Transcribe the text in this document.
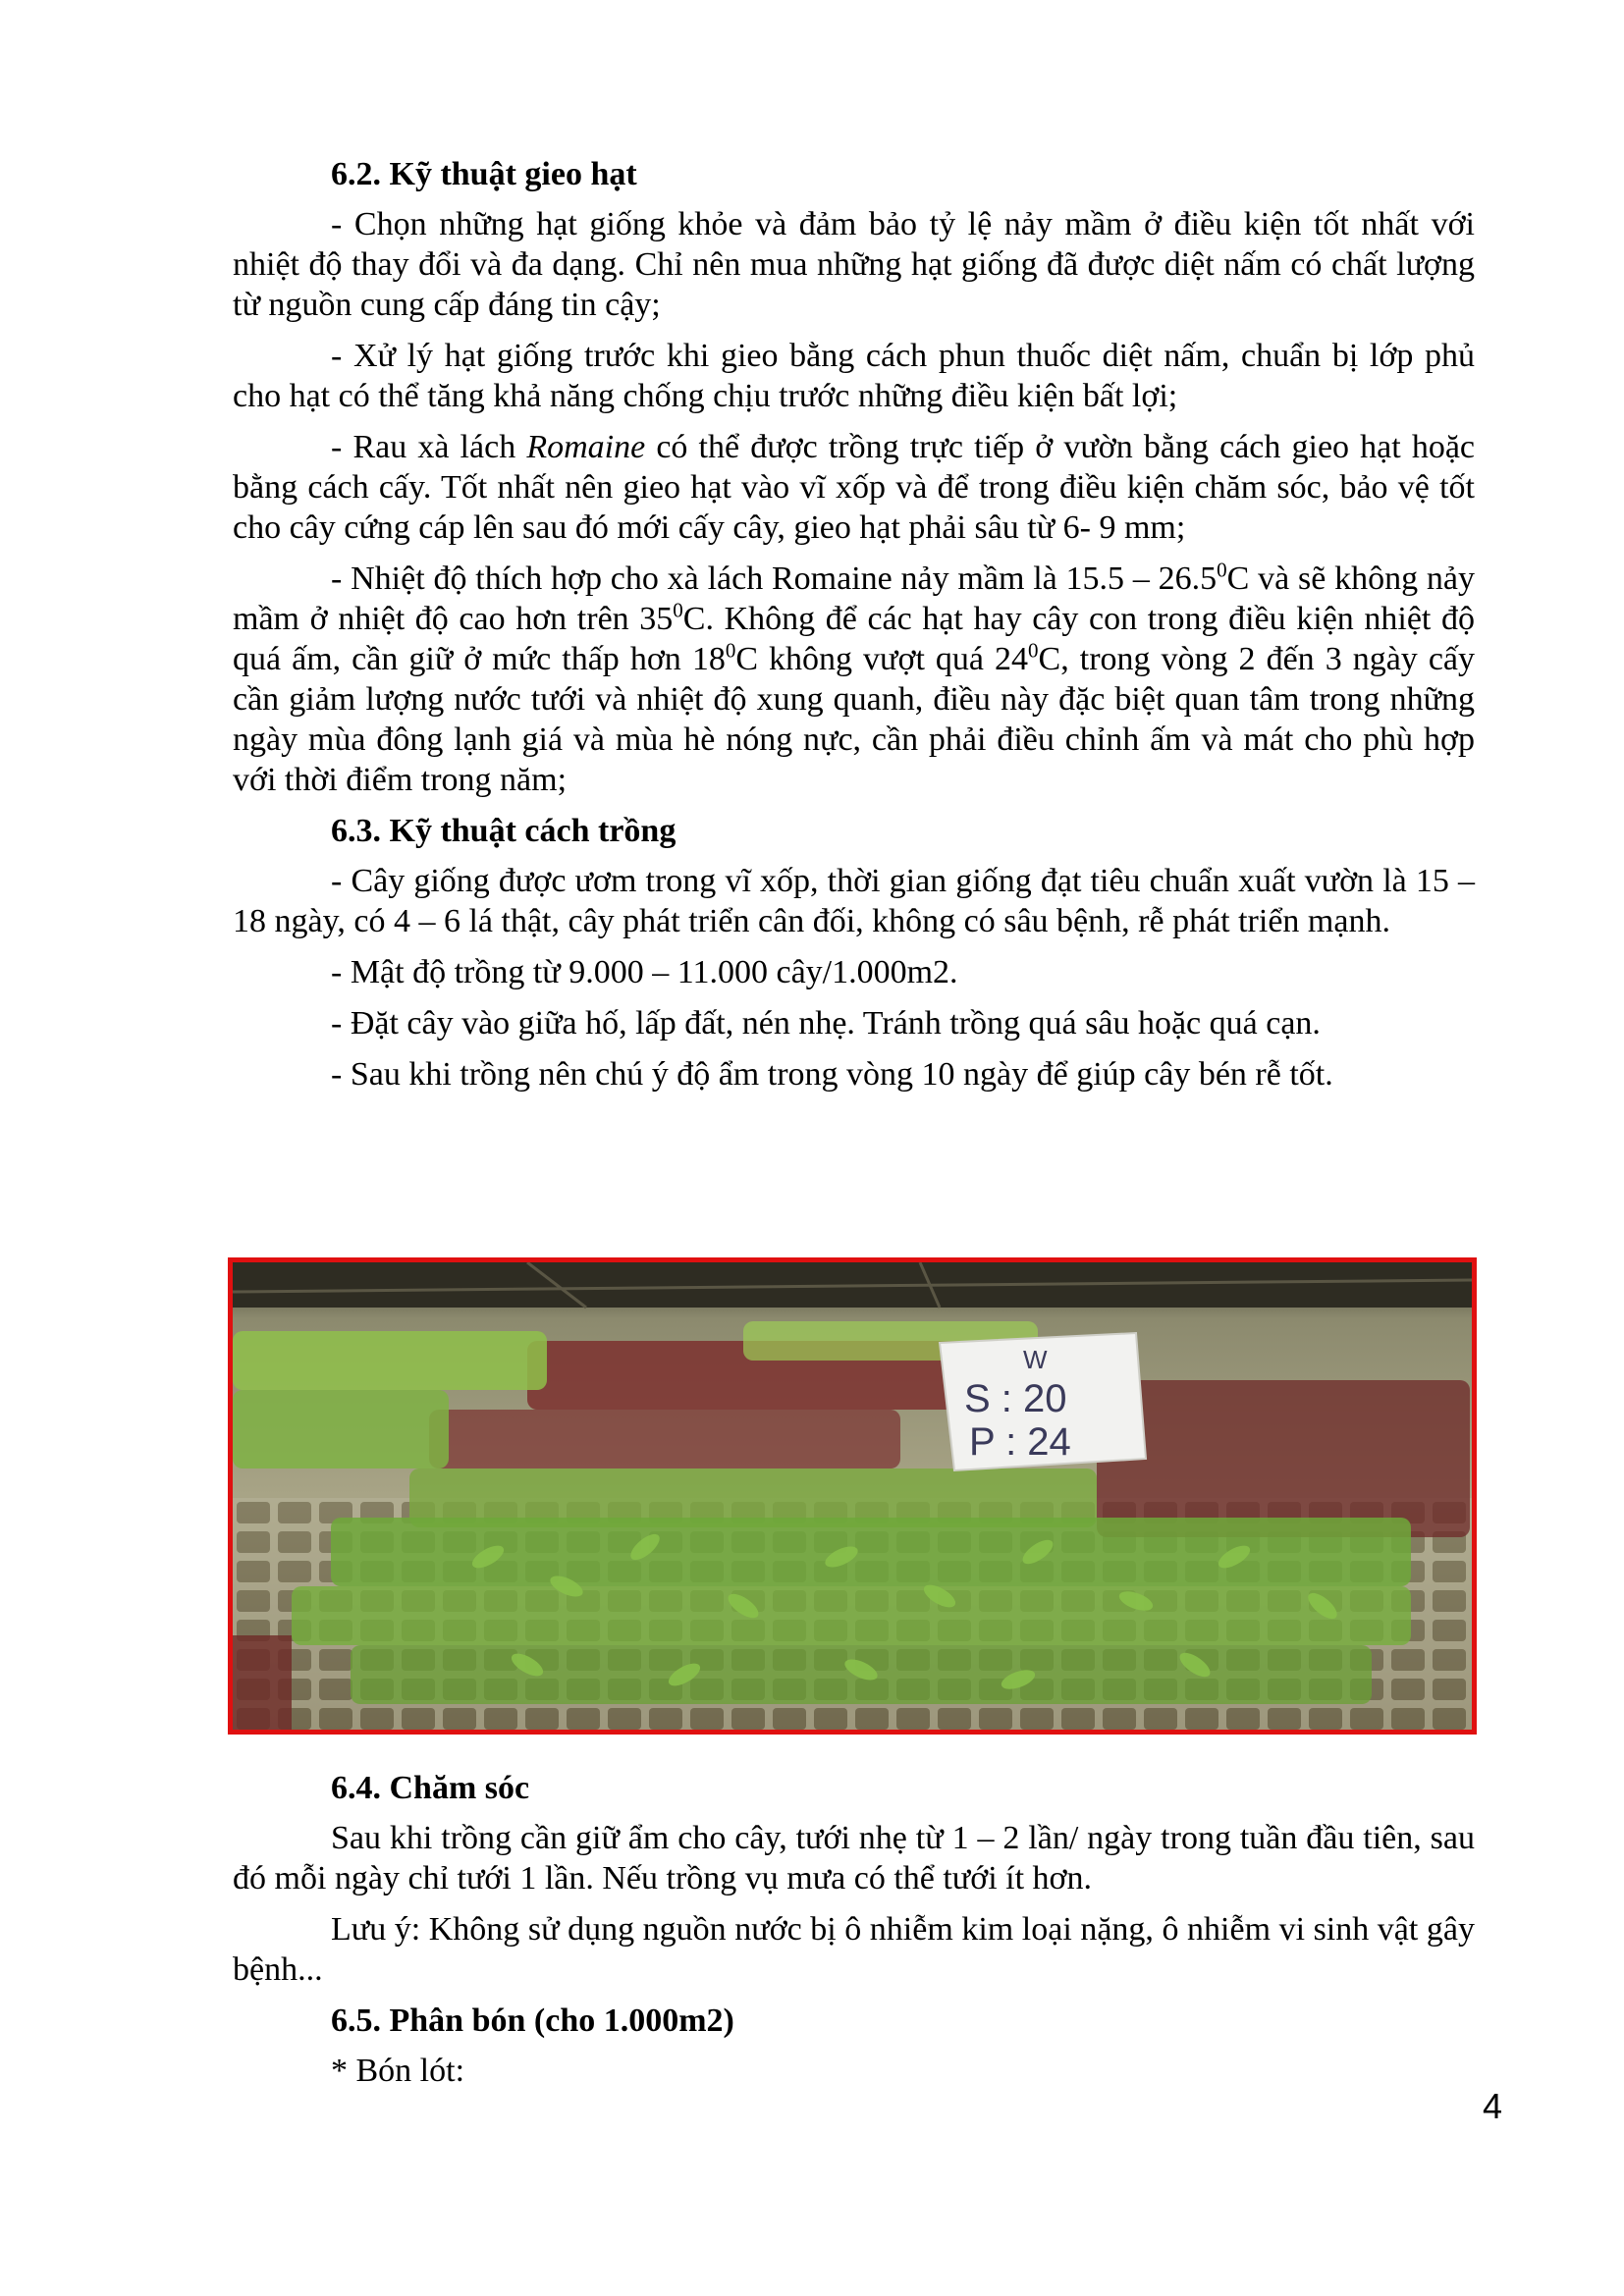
6.2. Kỹ thuật gieo hạt
- Chọn những hạt giống khỏe và đảm bảo tỷ lệ nảy mầm ở điều kiện tốt nhất với nhiệt độ thay đổi và đa dạng. Chỉ nên mua những hạt giống đã được diệt nấm có chất lượng từ nguồn cung cấp đáng tin cậy;
- Xử lý hạt giống trước khi gieo bằng cách phun thuốc diệt nấm, chuẩn bị lớp phủ cho hạt có thể tăng khả năng chống chịu trước những điều kiện bất lợi;
- Rau xà lách Romaine có thể được trồng trực tiếp ở vườn bằng cách gieo hạt hoặc bằng cách cấy. Tốt nhất nên gieo hạt vào vĩ xốp và để trong điều kiện chăm sóc, bảo vệ tốt cho cây cứng cáp lên sau đó mới cấy cây, gieo hạt phải sâu từ 6- 9 mm;
- Nhiệt độ thích hợp cho xà lách Romaine nảy mầm là 15.5 – 26.5$^0$C và sẽ không nảy mầm ở nhiệt độ cao hơn trên $35^0C$. Không để các hạt hay cây con trong điều kiện nhiệt độ quá ấm, cần giữ ở mức thấp hơn $18^0C$ không vượt quá $24^0C$, trong vòng 2 đến 3 ngày cấy cần giảm lượng nước tưới và nhiệt độ xung quanh, điều này đặc biệt quan tâm trong những ngày mùa đông lạnh giá và mùa hè nóng nực, cần phải điều chỉnh ấm và mát cho phù hợp với thời điểm trong năm;
6.3. Kỹ thuật cách trồng
- Cây giống được ươm trong vĩ xốp, thời gian giống đạt tiêu chuẩn xuất vườn là 15 – 18 ngày, có 4 – 6 lá thật, cây phát triển cân đối, không có sâu bệnh, rễ phát triển mạnh.
- Mật độ trồng từ 9.000 – 11.000 cây/1.000m2.
- Đặt cây vào giữa hố, lấp đất, nén nhẹ. Tránh trồng quá sâu hoặc quá cạn.
- Sau khi trồng nên chú ý độ ẩm trong vòng 10 ngày để giúp cây bén rễ tốt.
W
S : 20
P : 24
6.4. Chăm sóc
Sau khi trồng cần giữ ẩm cho cây, tưới nhẹ từ 1 – 2 lần/ ngày trong tuần đầu tiên, sau đó mỗi ngày chỉ tưới 1 lần. Nếu trồng vụ mưa có thể tưới ít hơn.
Lưu ý: Không sử dụng nguồn nước bị ô nhiễm kim loại nặng, ô nhiễm vi sinh vật gây bệnh...
6.5. Phân bón (cho 1.000m2)
* Bón lót:
4
